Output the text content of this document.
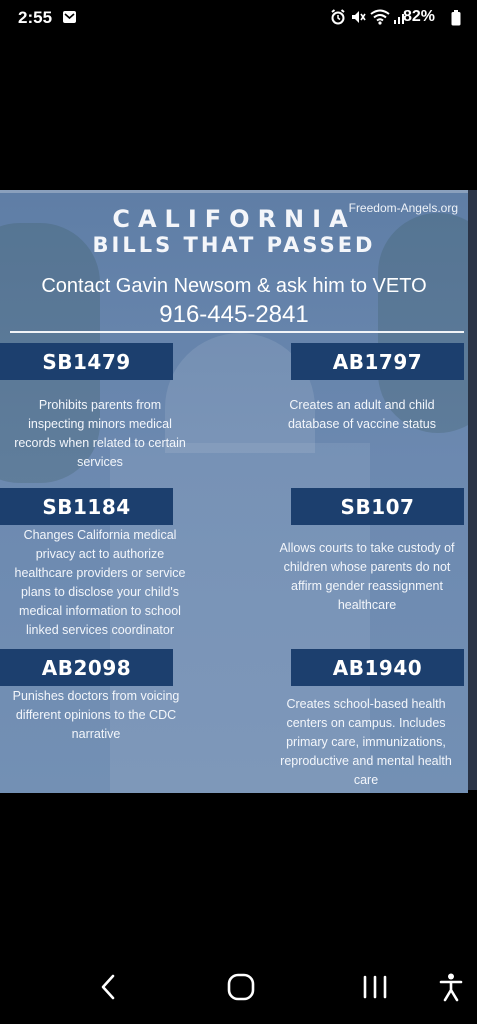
2:55	82%
CALIFORNIA
BILLS THAT PASSED
Freedom-Angels.org
Contact Gavin Newsom & ask him to VETO
916-445-2841
SB1479
Prohibits parents from
inspecting minors medical
records when related to certain
services
AB1797
Creates an adult and child
database of vaccine status
SB1184
Changes California medical
privacy act to authorize
healthcare providers or service
plans to disclose your child's
medical information to school
linked services coordinator
SB107
Allows courts to take custody of
children whose parents do not
affirm gender reassignment
healthcare
AB2098
Punishes doctors from voicing
different opinions to the CDC
narrative
AB1940
Creates school-based health
centers on campus. Includes
primary care, immunizations,
reproductive and mental health
care
